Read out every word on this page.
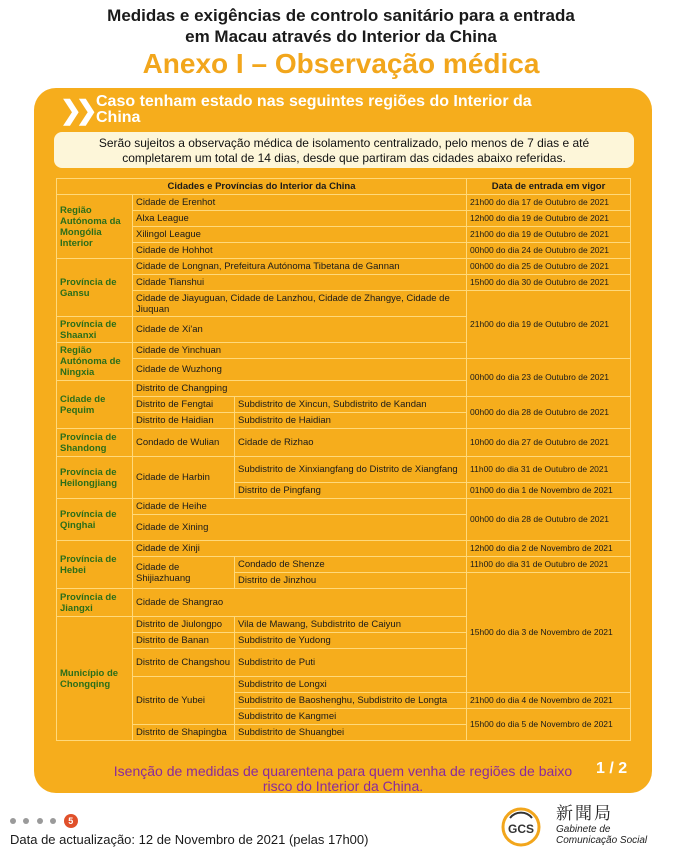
Medidas e exigências de controlo sanitário para a entrada
em Macau através do Interior da China
Anexo I – Observação médica
❯❯ Caso tenham estado nas seguintes regiões do Interior da China
Serão sujeitos a observação médica de isolamento centralizado, pelo menos de 7 dias e até
completarem um total de 14 dias, desde que partiram das cidades abaixo referidas.
Cidades e Províncias do Interior da China			Data de entrada em vigor
Região Autónoma da Mongólia Interior	Cidade de Erenhot		21h00 do dia 17 de Outubro de 2021
	Alxa League		12h00 do dia 19 de Outubro de 2021
	Xilingol League		21h00 do dia 19 de Outubro de 2021
	Cidade de Hohhot		00h00 do dia 24 de Outubro de 2021
Província de Gansu	Cidade de Longnan, Prefeitura Autónoma Tibetana de Gannan		00h00 do dia 25 de Outubro de 2021
	Cidade Tianshui		15h00 do dia 30 de Outubro de 2021
	Cidade de Jiayuguan, Cidade de Lanzhou, Cidade de Zhangye, Cidade de Jiuquan		21h00 do dia 19 de Outubro de 2021
Província de Shaanxi	Cidade de Xi'an		
Região Autónoma de Ningxia	Cidade de Yinchuan		
	Cidade de Wuzhong		00h00 do dia 23 de Outubro de 2021
Cidade de Pequim	Distrito de Changping		
	Distrito de Fengtai	Subdistrito de Xincun, Subdistrito de Kandan	00h00 do dia 28 de Outubro de 2021
	Distrito de Haidian	Subdistrito de Haidian	
Província de Shandong	Condado de Wulian	Cidade de Rizhao	10h00 do dia 27 de Outubro de 2021
Província de Heilongjiang	Cidade de Harbin	Subdistrito de Xinxiangfang do Distrito de Xiangfang	11h00 do dia 31 de Outubro de 2021
		Distrito de Pingfang	01h00 do dia 1 de Novembro de 2021
Província de Qinghai	Cidade de Heihe		00h00 do dia 28 de Outubro de 2021
	Cidade de Xining		
Província de Hebei	Cidade de Xinji		12h00 do dia 2 de Novembro de 2021
	Cidade de Shijiazhuang	Condado de Shenze	11h00 do dia 31 de Outubro de 2021
		Distrito de Jinzhou	15h00 do dia 3 de Novembro de 2021
Província de Jiangxi	Cidade de Shangrao		
Município de Chongqing	Distrito de Jiulongpo	Vila de Mawang, Subdistrito de Caiyun	
	Distrito de Banan	Subdistrito de Yudong	
	Distrito de Changshou	Subdistrito de Puti	
	Distrito de Yubei	Subdistrito de Longxi	
		Subdistrito de Baoshenghu, Subdistrito de Longta	21h00 do dia 4 de Novembro de 2021
		Subdistrito de Kangmei	15h00 do dia 5 de Novembro de 2021
	Distrito de Shapingba	Subdistrito de Shuangbei	
Isenção de medidas de quarentena para quem venha de regiões de baixo risco do Interior da China.
1 / 2
5
Data de actualização: 12 de Novembro de 2021 (pelas 17h00)
GCS
新聞局
Gabinete de
Comunicação Social
